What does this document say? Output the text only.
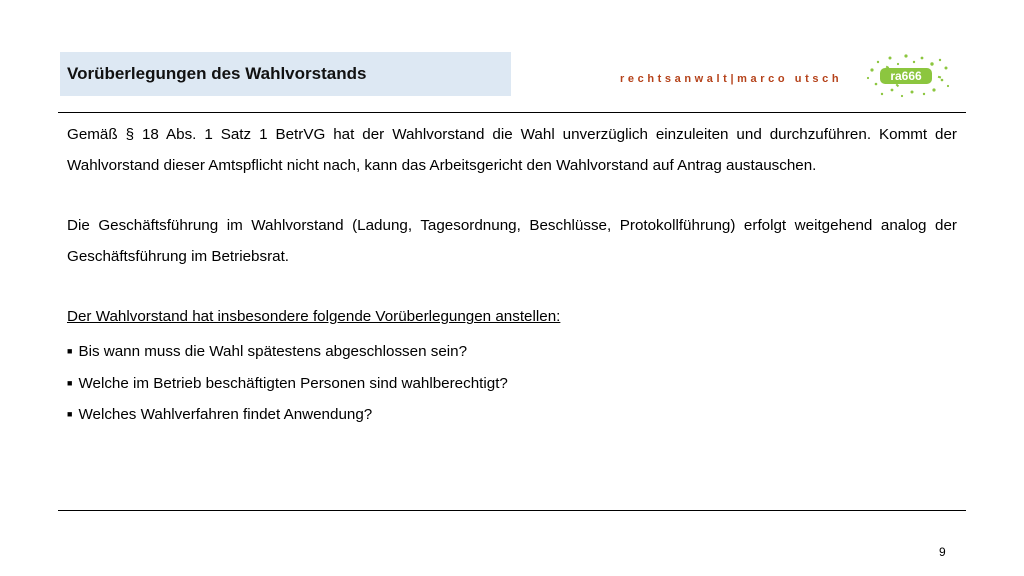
Vorüberlegungen des Wahlvorstands	rechtsanwalt|marco utsch	ra666

Gemäß § 18 Abs. 1 Satz 1 BetrVG hat der Wahlvorstand die Wahl unverzüglich einzuleiten und durchzuführen. Kommt der Wahlvorstand dieser Amtspflicht nicht nach, kann das Arbeitsgericht den Wahlvorstand auf Antrag austauschen.

Die Geschäftsführung im Wahlvorstand (Ladung, Tagesordnung, Beschlüsse, Protokollführung) erfolgt weitgehend analog der Geschäftsführung im Betriebsrat.

Der Wahlvorstand hat insbesondere folgende Vorüberlegungen anstellen:

■ Bis wann muss die Wahl spätestens abgeschlossen sein?
■ Welche im Betrieb beschäftigten Personen sind wahlberechtigt?
■ Welches Wahlverfahren findet Anwendung?
9
